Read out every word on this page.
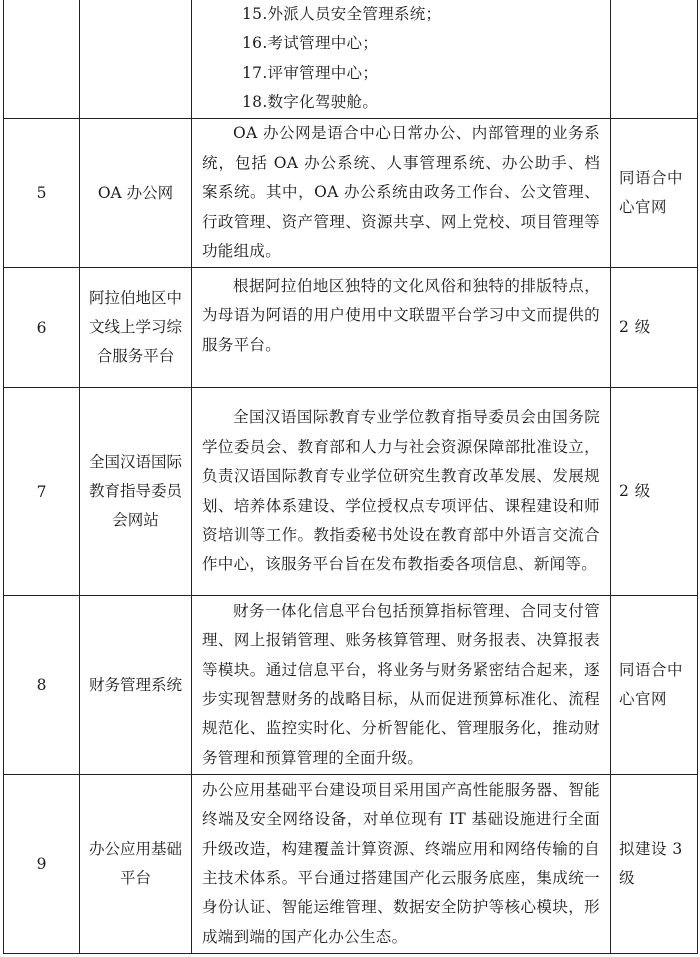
		15.外派人员安全管理系统；
16.考试管理中心；
17.评审管理中心；
18.数字化驾驶舱。	

5	OA 办公网	OA 办公网是语合中心日常办公、内部管理的业务系统，包括 OA 办公系统、人事管理系统、办公助手、档案系统。其中，OA 办公系统由政务工作台、公文管理、行政管理、资产管理、资源共享、网上党校、项目管理等功能组成。	同语合中心官网
6	阿拉伯地区中文线上学习综合服务平台	根据阿拉伯地区独特的文化风俗和独特的排版特点，为母语为阿语的用户使用中文联盟平台学习中文而提供的服务平台。	2 级
7	全国汉语国际教育指导委员会网站	全国汉语国际教育专业学位教育指导委员会由国务院学位委员会、教育部和人力与社会资源保障部批准设立，负责汉语国际教育专业学位研究生教育改革发展、发展规划、培养体系建设、学位授权点专项评估、课程建设和师资培训等工作。教指委秘书处设在教育部中外语言交流合作中心，该服务平台旨在发布教指委各项信息、新闻等。	2 级
8	财务管理系统	财务一体化信息平台包括预算指标管理、合同支付管理、网上报销管理、账务核算管理、财务报表、决算报表等模块。通过信息平台，将业务与财务紧密结合起来，逐步实现智慧财务的战略目标，从而促进预算标准化、流程规范化、监控实时化、分析智能化、管理服务化，推动财务管理和预算管理的全面升级。	同语合中心官网
9	办公应用基础平台	办公应用基础平台建设项目采用国产高性能服务器、智能终端及安全网络设备，对单位现有 IT 基础设施进行全面升级改造，构建覆盖计算资源、终端应用和网络传输的自主技术体系。平台通过搭建国产化云服务底座，集成统一身份认证、智能运维管理、数据安全防护等核心模块，形成端到端的国产化办公生态。	拟建设 3 级
